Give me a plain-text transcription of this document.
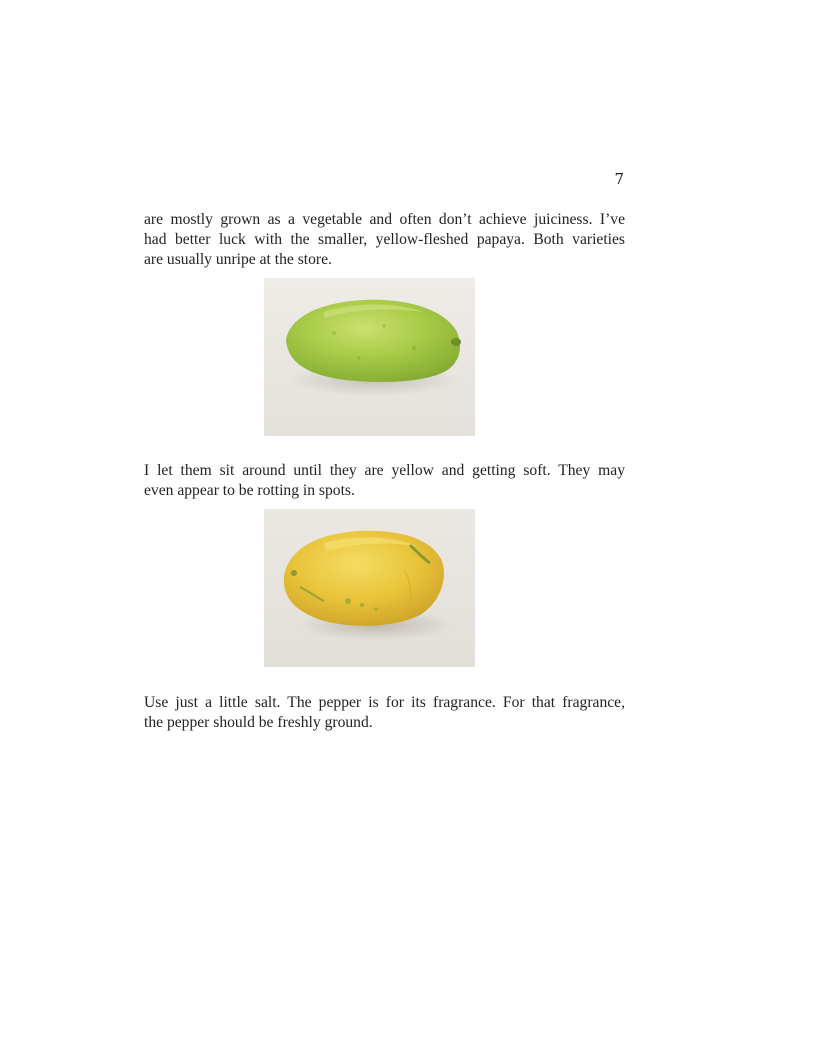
7

are mostly grown as a vegetable and often don’t achieve juiciness. I’ve
had better luck with the smaller, yellow-fleshed papaya. Both varieties
are usually unripe at the store.

I let them sit around until they are yellow and getting soft. They may
even appear to be rotting in spots.

Use just a little salt. The pepper is for its fragrance. For that fragrance,
the pepper should be freshly ground.
